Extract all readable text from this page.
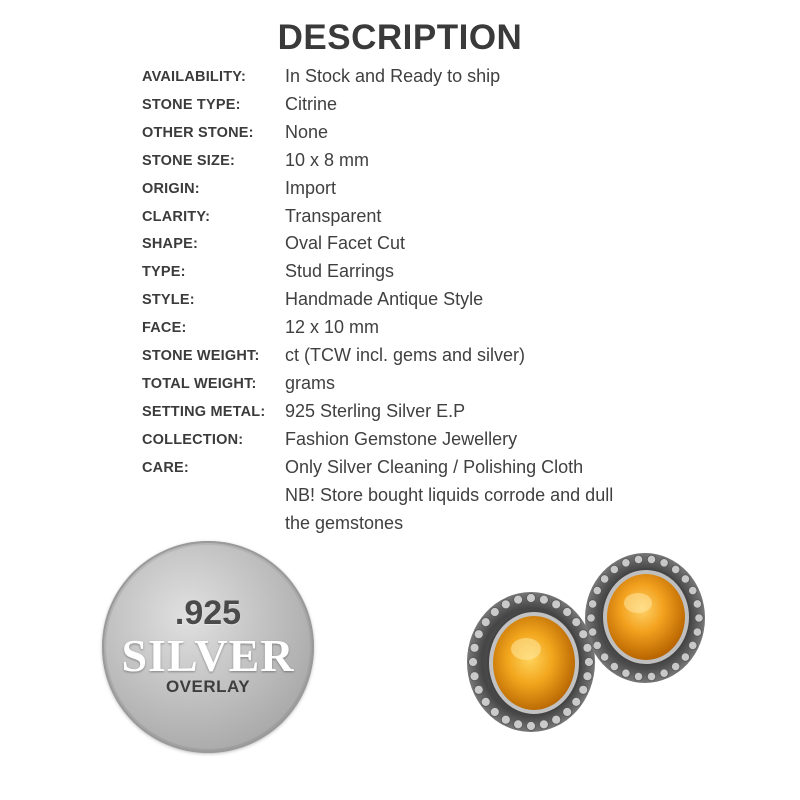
DESCRIPTION
AVAILABILITY:	In Stock and Ready to ship
STONE TYPE:	Citrine
OTHER STONE:	None
STONE SIZE:	10 x 8 mm
ORIGIN:	Import
CLARITY:	Transparent
SHAPE:	Oval Facet Cut
TYPE:	Stud Earrings
STYLE:	Handmade Antique Style
FACE:	12 x 10 mm
STONE WEIGHT:	ct (TCW incl. gems and silver)
TOTAL WEIGHT:	grams
SETTING METAL:	925 Sterling Silver E.P
COLLECTION:	Fashion Gemstone Jewellery
CARE:	Only Silver Cleaning / Polishing Cloth
NB! Store bought liquids corrode and dull
the gemstones
.925
SILVER
OVERLAY
